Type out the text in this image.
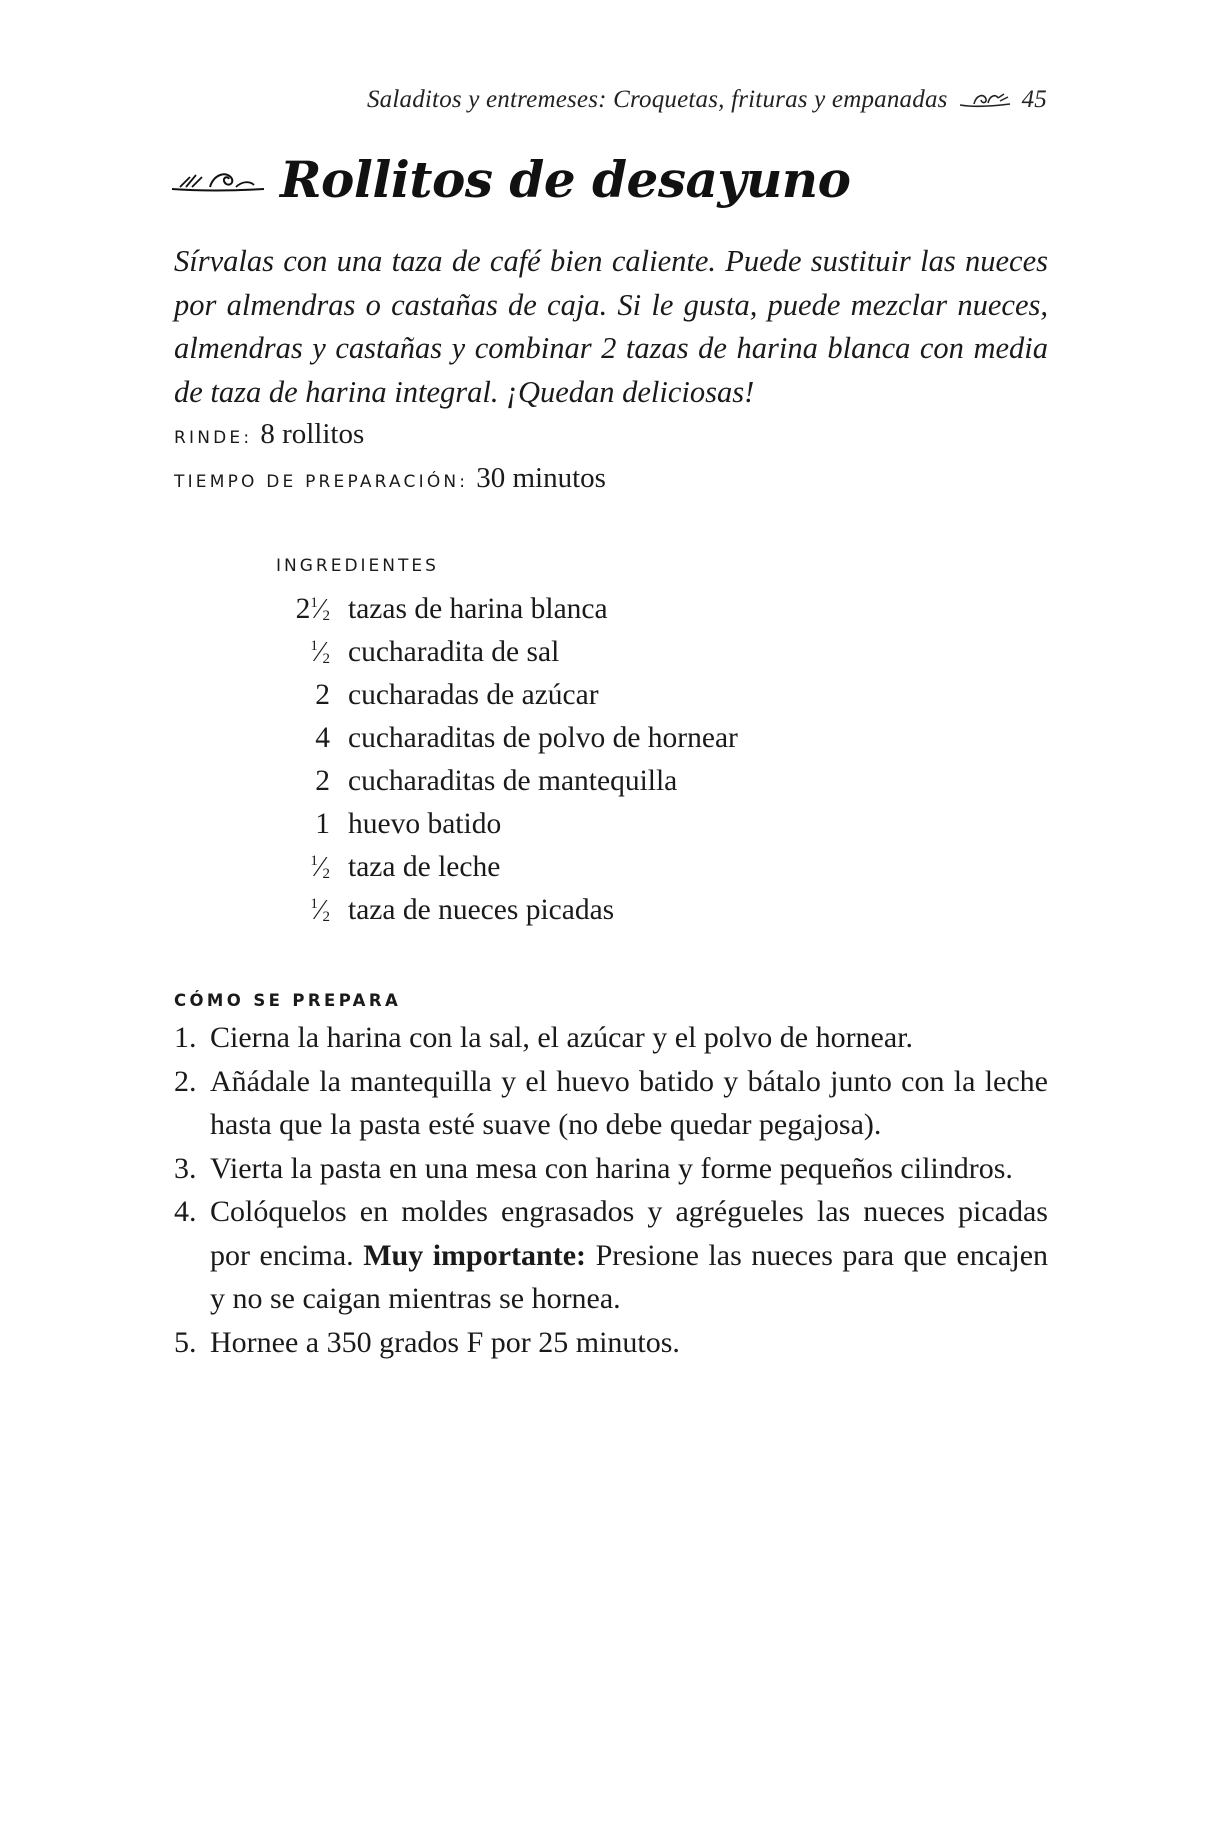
Saladitos y entremeses: Croquetas, frituras y empanadas	45
Rollitos de desayuno

Sírvalas con una taza de café bien caliente. Puede sustituir las nueces por almendras o castañas de caja. Si le gusta, puede mezclar nueces, almendras y castañas y combinar 2 tazas de harina blanca con media de taza de harina integral. ¡Quedan deliciosas!

RINDE: 8 rollitos
TIEMPO DE PREPARACIÓN: 30 minutos
INGREDIENTES
$2^1⁄_2$ tazas de harina blanca
$^1⁄_2$ cucharadita de sal
2 cucharadas de azúcar
4 cucharaditas de polvo de hornear
2 cucharaditas de mantequilla
1 huevo batido
$^1⁄_2$ taza de leche
$^1⁄_2$ taza de nueces picadas
CÓMO SE PREPARA
1. Cierna la harina con la sal, el azúcar y el polvo de hornear.
2. Añádale la mantequilla y el huevo batido y bátalo junto con la leche hasta que la pasta esté suave (no debe quedar pegajosa).
3. Vierta la pasta en una mesa con harina y forme pequeños cilindros.
4. Colóquelos en moldes engrasados y agrégueles las nueces picadas por encima. Muy importante: Presione las nueces para que encajen y no se caigan mientras se hornea.
5. Hornee a 350 grados F por 25 minutos.
